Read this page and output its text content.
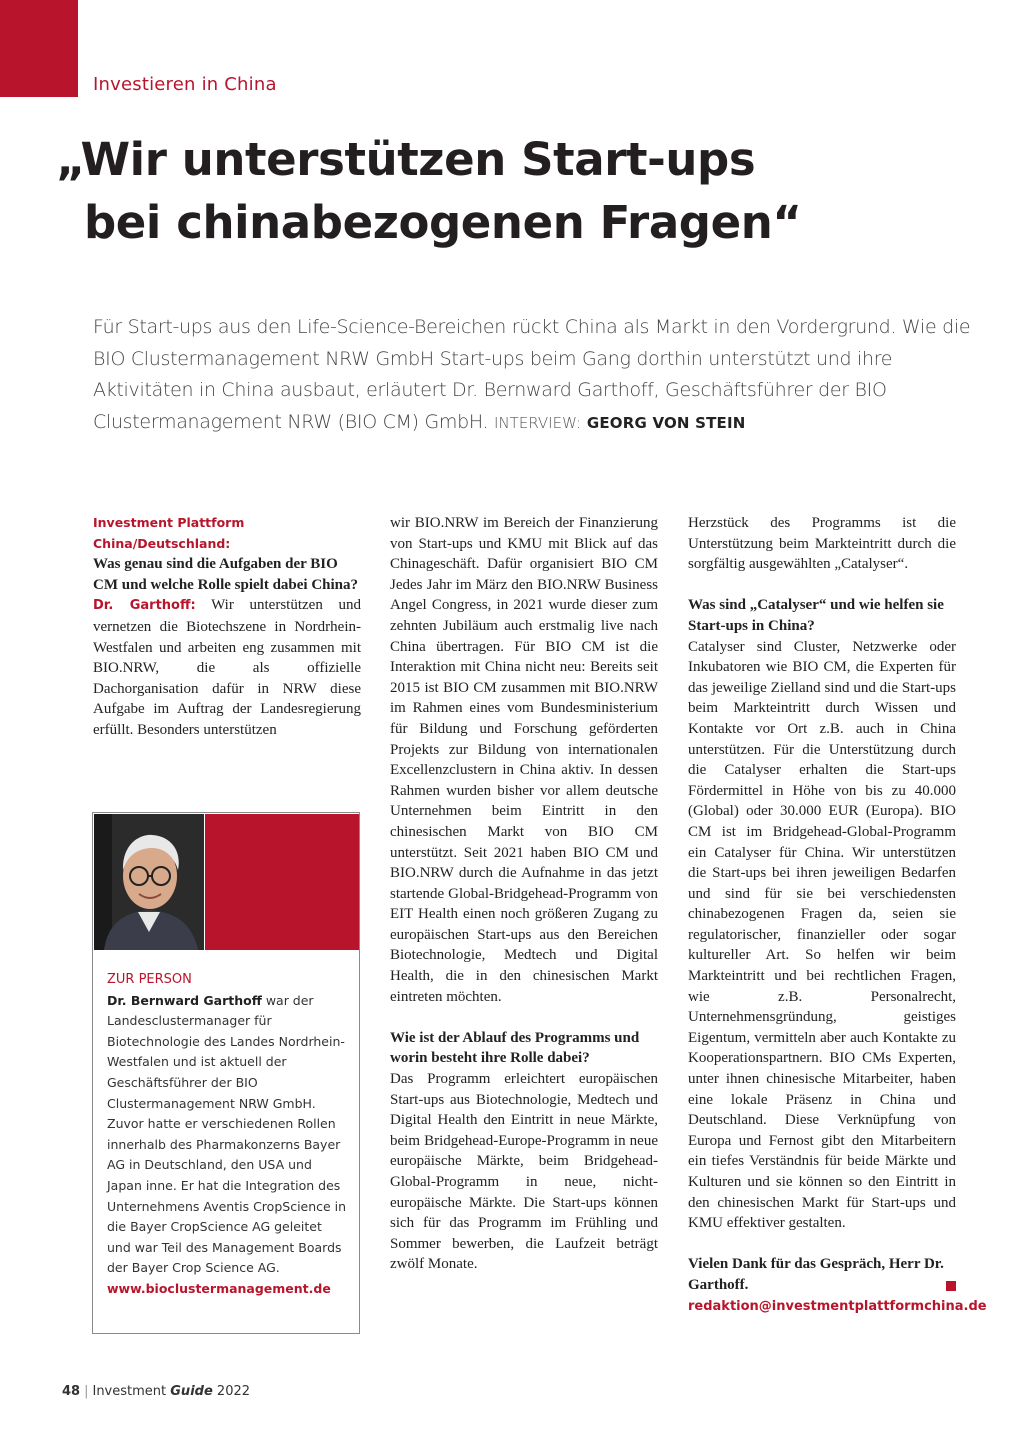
Investieren in China
„Wir unterstützen Start-ups
bei chinabezogenen Fragen“
Für Start-ups aus den Life-Science-Bereichen rückt China als Markt in den Vordergrund. Wie die BIO Clustermanagement NRW GmbH Start-ups beim Gang dorthin unterstützt und ihre Aktivitäten in China ausbaut, erläutert Dr. Bernward Garthoff, Geschäftsführer der BIO Clustermanagement NRW (BIO CM) GmbH. INTERVIEW: GEORG VON STEIN

Investment Plattform China/Deutschland:

Was genau sind die Aufgaben der BIO CM und welche Rolle spielt dabei China?

Dr. Garthoff: Wir unterstützen und vernetzen die Biotechszene in Nordrhein-Westfalen und arbeiten eng zusammen mit BIO.NRW, die als offizielle Dachorganisation dafür in NRW diese Aufgabe im Auftrag der Landesregierung erfüllt. Besonders unterstützen

ZUR PERSON
Dr. Bernward Garthoff war der Landesclustermanager für Biotechnologie des Landes Nordrhein-Westfalen und ist aktuell der Geschäftsführer der BIO Clustermanagement NRW GmbH. Zuvor hatte er verschiedenen Rollen innerhalb des Pharmakonzerns Bayer AG in Deutschland, den USA und Japan inne. Er hat die Integration des Unternehmens Aventis CropScience in die Bayer CropScience AG geleitet und war Teil des Management Boards der Bayer Crop Science AG.
www.bioclustermanagement.de

wir BIO.NRW im Bereich der Finanzierung von Start-ups und KMU mit Blick auf das Chinageschäft. Dafür organisiert BIO CM Jedes Jahr im März den BIO.NRW Business Angel Congress, in 2021 wurde dieser zum zehnten Jubiläum auch erstmalig live nach China übertragen. Für BIO CM ist die Interaktion mit China nicht neu: Bereits seit 2015 ist BIO CM zusammen mit BIO.NRW im Rahmen eines vom Bundesministerium für Bildung und Forschung geförderten Projekts zur Bildung von internationalen Excellenzclustern in China aktiv. In dessen Rahmen wurden bisher vor allem deutsche Unternehmen beim Eintritt in den chinesischen Markt von BIO CM unterstützt. Seit 2021 haben BIO CM und BIO.NRW durch die Aufnahme in das jetzt startende Global-Bridgehead-Programm von EIT Health einen noch größeren Zugang zu europäischen Start-ups aus den Bereichen Biotechnologie, Medtech und Digital Health, die in den chinesischen Markt eintreten möchten.

Wie ist der Ablauf des Programms und worin besteht ihre Rolle dabei?

Das Programm erleichtert europäischen Start-ups aus Biotechnologie, Medtech und Digital Health den Eintritt in neue Märkte, beim Bridgehead-Europe-Programm in neue europäische Märkte, beim Bridgehead-Global-Programm in neue, nicht-europäische Märkte. Die Start-ups können sich für das Programm im Frühling und Sommer bewerben, die Laufzeit beträgt zwölf Monate.

Herzstück des Programms ist die Unterstützung beim Markteintritt durch die sorgfältig ausgewählten „Catalyser“.

Was sind „Catalyser“ und wie helfen sie Start-ups in China?

Catalyser sind Cluster, Netzwerke oder Inkubatoren wie BIO CM, die Experten für das jeweilige Zielland sind und die Start-ups beim Markteintritt durch Wissen und Kontakte vor Ort z.B. auch in China unterstützen. Für die Unterstützung durch die Catalyser erhalten die Start-ups Fördermittel in Höhe von bis zu 40.000 (Global) oder 30.000 EUR (Europa). BIO CM ist im Bridgehead-Global-Programm ein Catalyser für China. Wir unterstützen die Start-ups bei ihren jeweiligen Bedarfen und sind für sie bei verschiedensten chinabezogenen Fragen da, seien sie regulatorischer, finanzieller oder sogar kultureller Art. So helfen wir beim Markteintritt und bei rechtlichen Fragen, wie z.B. Personalrecht, Unternehmensgründung, geistiges Eigentum, vermitteln aber auch Kontakte zu Kooperationspartnern. BIO CMs Experten, unter ihnen chinesische Mitarbeiter, haben eine lokale Präsenz in China und Deutschland. Diese Verknüpfung von Europa und Fernost gibt den Mitarbeitern ein tiefes Verständnis für beide Märkte und Kulturen und sie können so den Eintritt in den chinesischen Markt für Start-ups und KMU effektiver gestalten.

Vielen Dank für das Gespräch, Herr Dr. Garthoff.

redaktion@investmentplattformchina.de

48 | Investment Guide 2022
